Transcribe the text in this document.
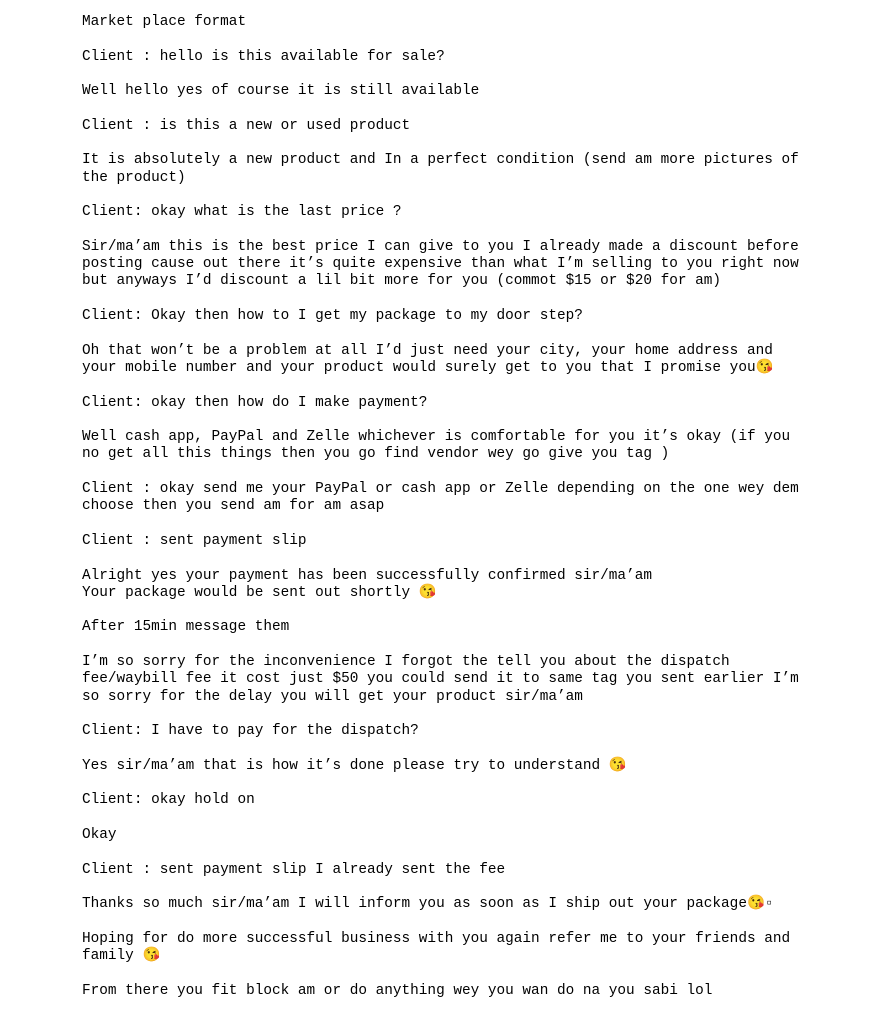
Market place format

Client : hello is this available for sale?

Well hello yes of course it is still available

Client : is this a new or used product

It is absolutely a new product and In a perfect condition (send am more pictures of

the product)

Client: okay what is the last price ?

Sir/ma’am this is the best price I can give to you I already made a discount before

posting cause out there it’s quite expensive than what I’m selling to you right now

but anyways I’d discount a lil bit more for you (commot $15 or $20 for am)

Client: Okay then how to I get my package to my door step?

Oh that won’t be a problem at all I’d just need your city, your home address and

your mobile number and your product would surely get to you that I promise you😘

Client: okay then how do I make payment?

Well cash app, PayPal and Zelle whichever is comfortable for you it’s okay (if you

no get all this things then you go find vendor wey go give you tag )

Client : okay send me your PayPal or cash app or Zelle depending on the one wey dem

choose then you send am for am asap

Client : sent payment slip

Alright yes your payment has been successfully confirmed sir/ma’am

Your package would be sent out shortly 😘

After 15min message them

I’m so sorry for the inconvenience I forgot the tell you about the dispatch

fee/waybill fee it cost just $50 you could send it to same tag you sent earlier I’m

so sorry for the delay you will get your product sir/ma’am

Client: I have to pay for the dispatch?

Yes sir/ma’am that is how it’s done please try to understand 😘

Client: okay hold on

Okay

Client : sent payment slip I already sent the fee

Thanks so much sir/ma’am I will inform you as soon as I ship out your package😘▫

Hoping for do more successful business with you again refer me to your friends and

family 😘

From there you fit block am or do anything wey you wan do na you sabi lol
